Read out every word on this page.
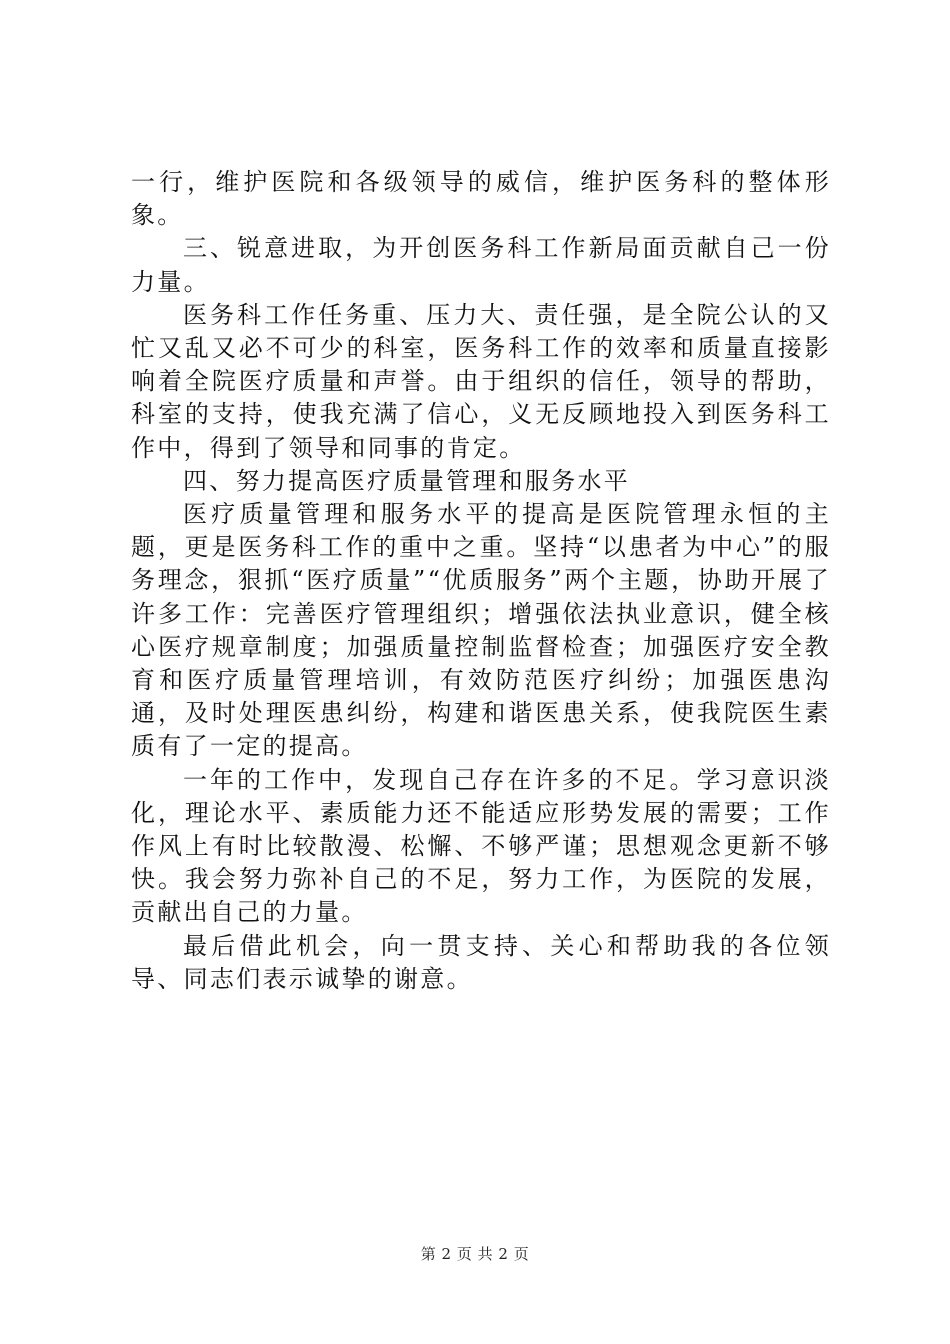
一行，维护医院和各级领导的威信，维护医务科的整体形象。

三、锐意进取，为开创医务科工作新局面贡献自己一份力量。

医务科工作任务重、压力大、责任强，是全院公认的又忙又乱又必不可少的科室，医务科工作的效率和质量直接影响着全院医疗质量和声誉。由于组织的信任，领导的帮助，科室的支持，使我充满了信心，义无反顾地投入到医务科工作中，得到了领导和同事的肯定。

四、努力提高医疗质量管理和服务水平

医疗质量管理和服务水平的提高是医院管理永恒的主题，更是医务科工作的重中之重。坚持“以患者为中心”的服务理念，狠抓“医疗质量”“优质服务”两个主题，协助开展了许多工作：完善医疗管理组织；增强依法执业意识，健全核心医疗规章制度；加强质量控制监督检查；加强医疗安全教育和医疗质量管理培训，有效防范医疗纠纷；加强医患沟通，及时处理医患纠纷，构建和谐医患关系，使我院医生素质有了一定的提高。

一年的工作中，发现自己存在许多的不足。学习意识淡化，理论水平、素质能力还不能适应形势发展的需要；工作作风上有时比较散漫、松懈、不够严谨；思想观念更新不够快。我会努力弥补自己的不足，努力工作，为医院的发展，贡献出自己的力量。

最后借此机会，向一贯支持、关心和帮助我的各位领导、同志们表示诚挚的谢意。

第 2 页 共 2 页
